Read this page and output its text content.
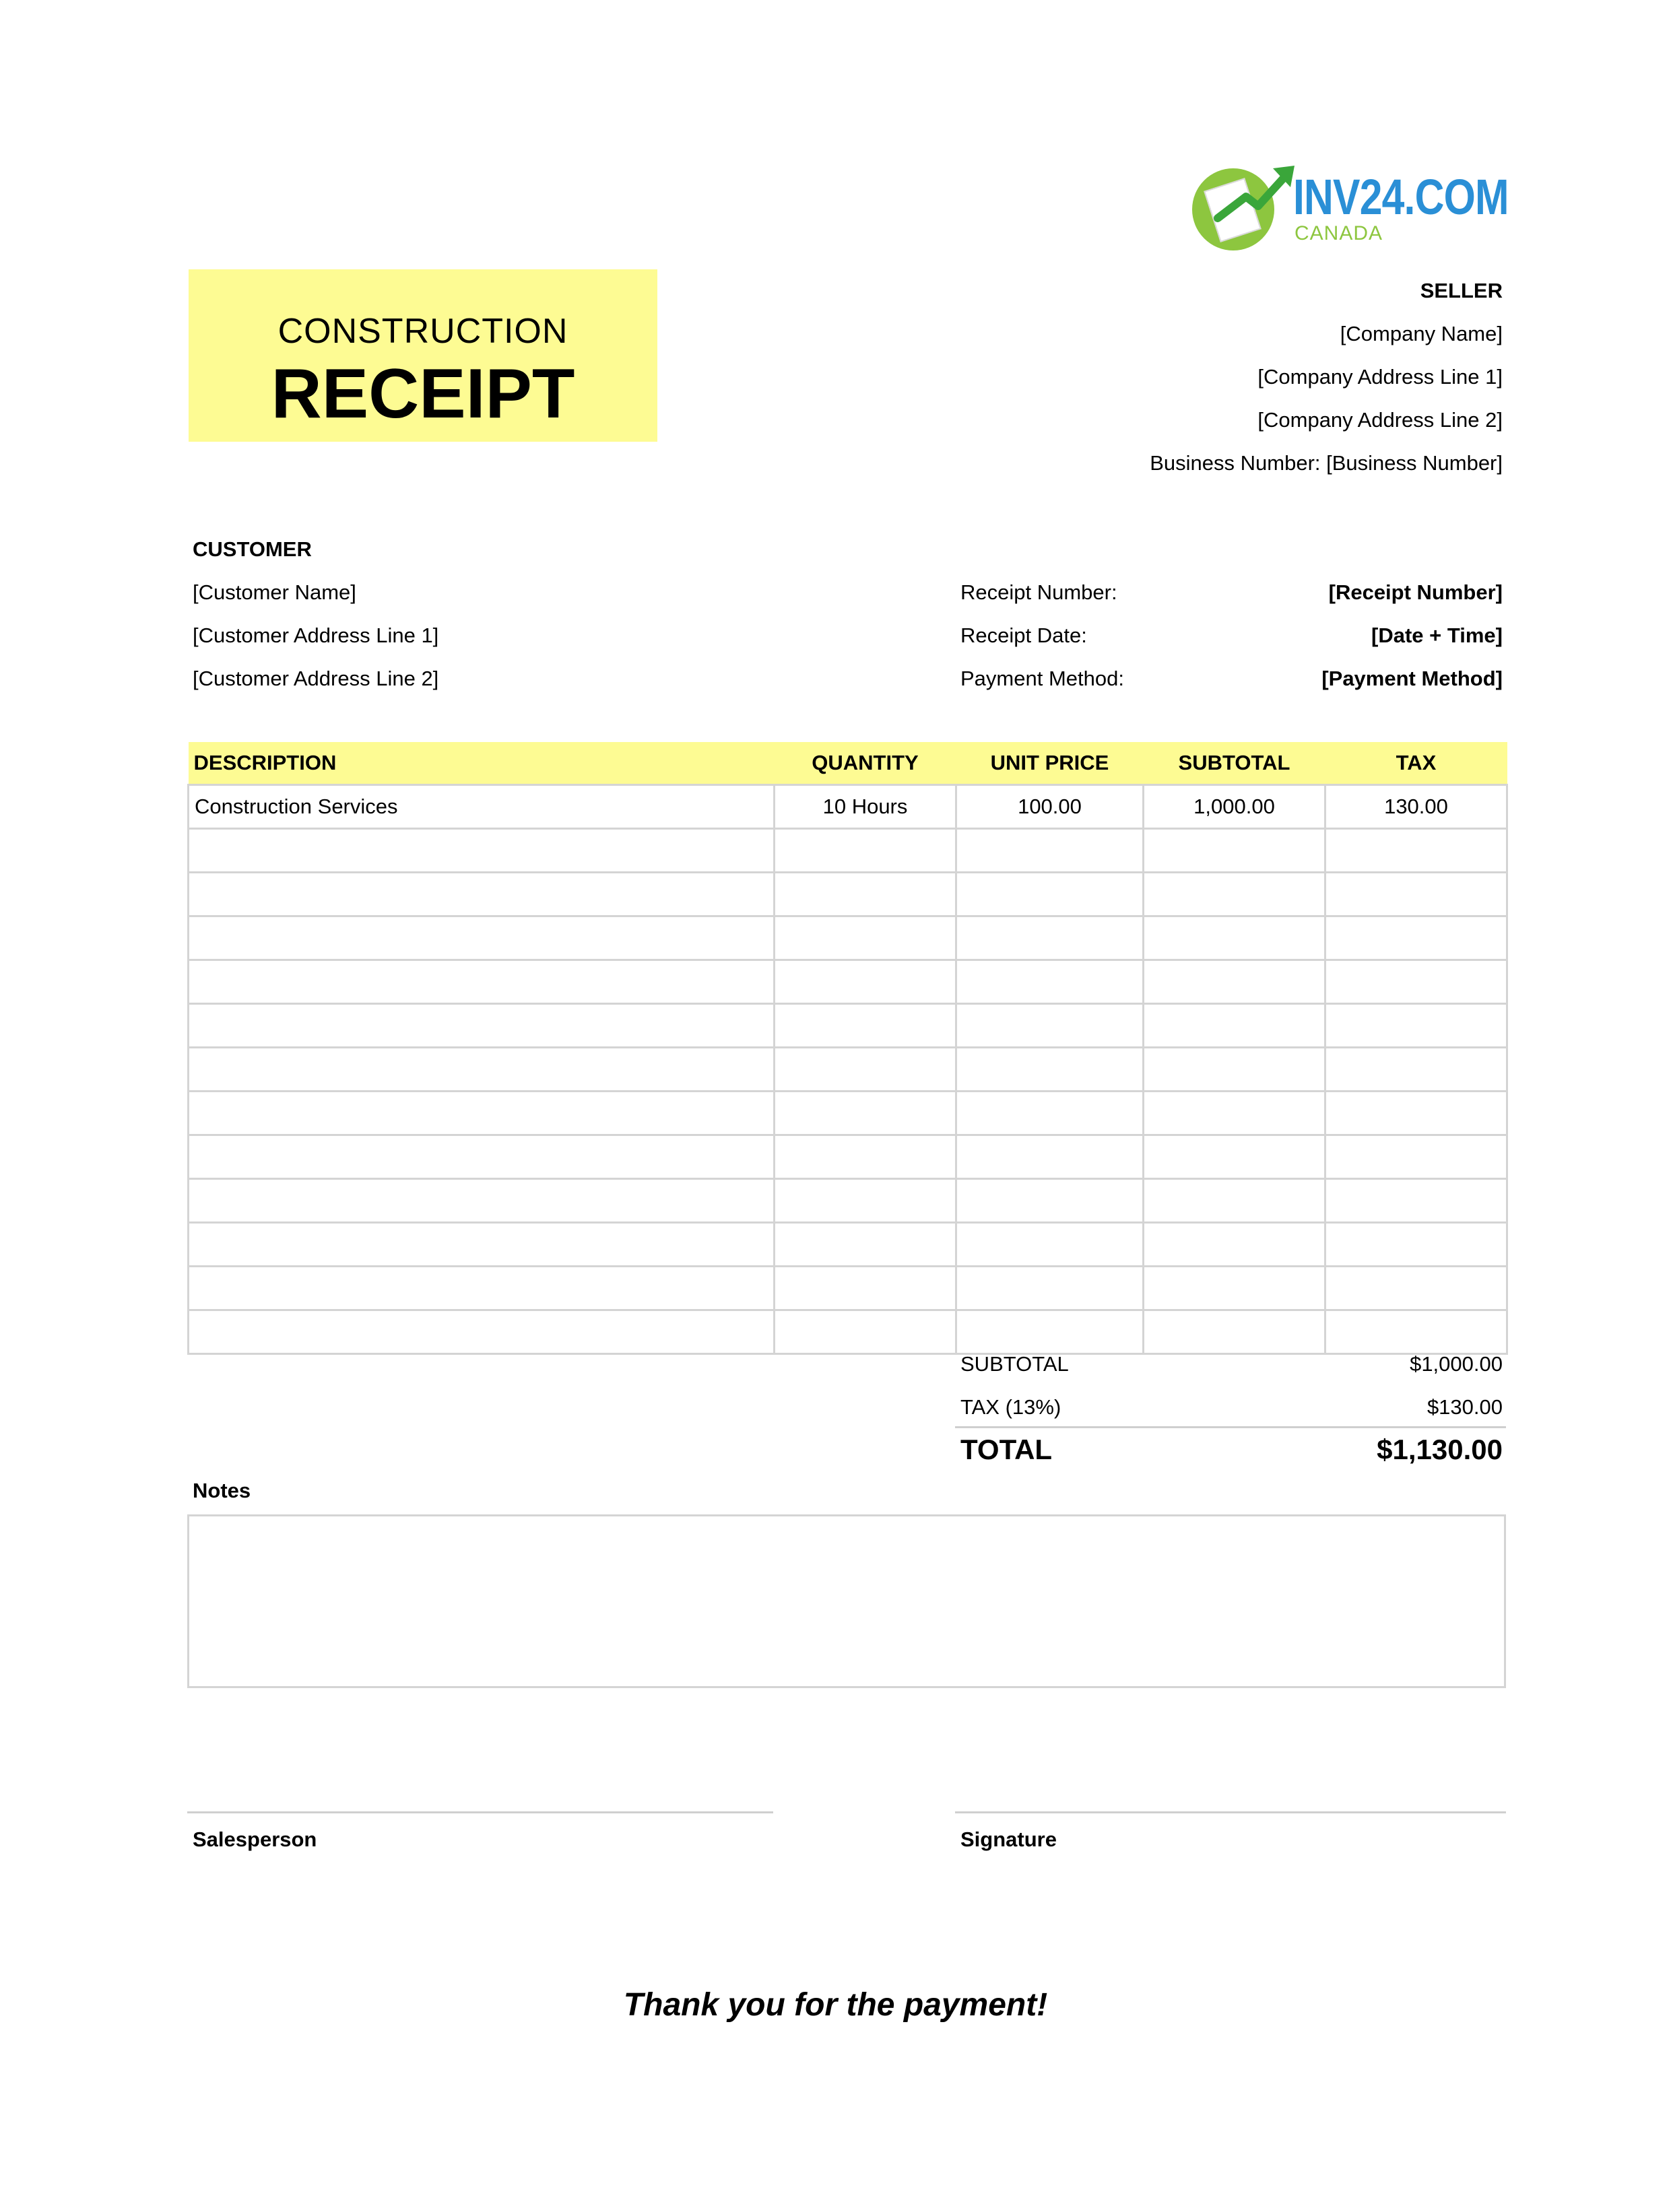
INV24.COM
CANADA
CONSTRUCTION
RECEIPT
SELLER
[Company Name]
[Company Address Line 1]
[Company Address Line 2]
Business Number: [Business Number]
CUSTOMER
[Customer Name]
[Customer Address Line 1]
[Customer Address Line 2]
Receipt Number:	[Receipt Number]
Receipt Date:	[Date + Time]
Payment Method:	[Payment Method]
DESCRIPTION	QUANTITY	UNIT PRICE	SUBTOTAL	TAX
Construction Services	10 Hours	100.00	1,000.00	130.00

SUBTOTAL	$1,000.00
TAX (13%)	$130.00
TOTAL	$1,130.00
Notes
Salesperson	Signature
Thank you for the payment!
